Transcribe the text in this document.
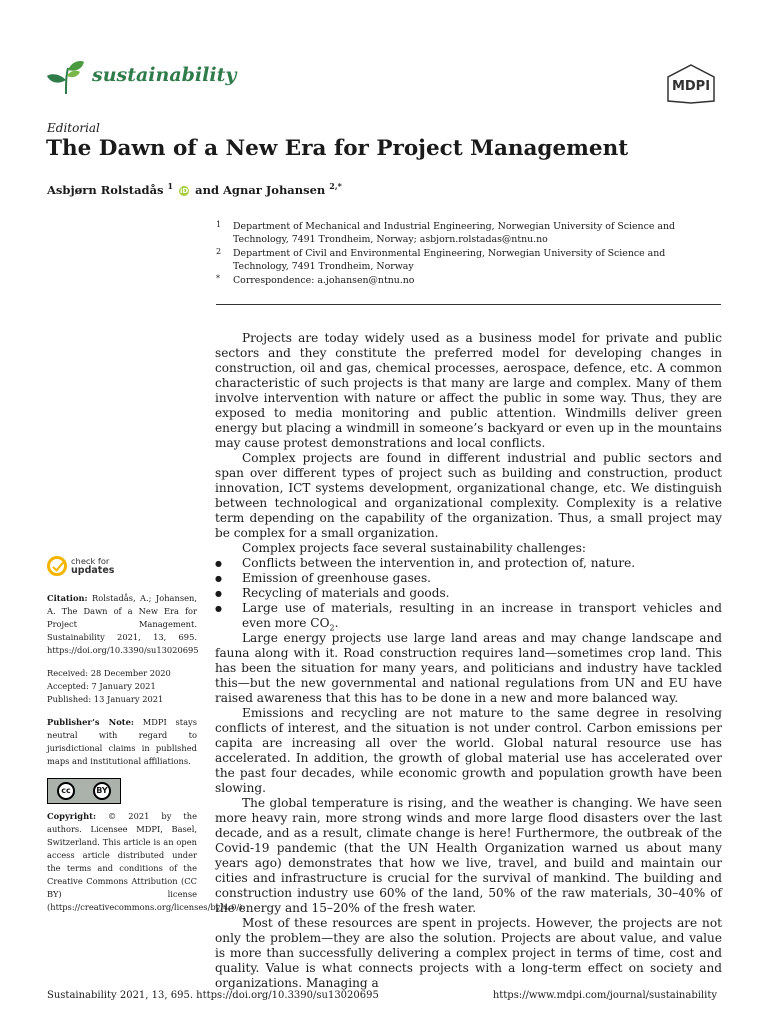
sustainability
MDPI
Editorial
The Dawn of a New Era for Project Management
Asbjørn Rolstadås $^1$ iD and Agnar Johansen $^{2,*}$
1 Department of Mechanical and Industrial Engineering, Norwegian University of Science and Technology, 7491 Trondheim, Norway; asbjorn.rolstadas@ntnu.no
2 Department of Civil and Environmental Engineering, Norwegian University of Science and Technology, 7491 Trondheim, Norway
* Correspondence: a.johansen@ntnu.no
check for
updates
Citation: Rolstadås, A.; Johansen, A. The Dawn of a New Era for Project Management. Sustainability 2021, 13, 695. https://doi.org/10.3390/su13020695
Received: 28 December 2020
Accepted: 7 January 2021
Published: 13 January 2021
Publisher’s Note: MDPI stays neutral with regard to jurisdictional claims in published maps and institutional affiliations.
cc	BY
Copyright: © 2021 by the authors. Licensee MDPI, Basel, Switzerland. This article is an open access article distributed under the terms and conditions of the Creative Commons Attribution (CC BY) license (https://creativecommons.org/licenses/by/4.0/).

Projects are today widely used as a business model for private and public sectors and they constitute the preferred model for developing changes in construction, oil and gas, chemical processes, aerospace, defence, etc. A common characteristic of such projects is that many are large and complex. Many of them involve intervention with nature or affect the public in some way. Thus, they are exposed to media monitoring and public attention. Windmills deliver green energy but placing a windmill in someone’s backyard or even up in the mountains may cause protest demonstrations and local conflicts.

Complex projects are found in different industrial and public sectors and span over different types of project such as building and construction, product innovation, ICT systems development, organizational change, etc. We distinguish between technological and organizational complexity. Complexity is a relative term depending on the capability of the organization. Thus, a small project may be complex for a small organization.

Complex projects face several sustainability challenges:

● Conflicts between the intervention in, and protection of, nature.
● Emission of greenhouse gases.
● Recycling of materials and goods.
● Large use of materials, resulting in an increase in transport vehicles and even more $CO_2$.

Large energy projects use large land areas and may change landscape and fauna along with it. Road construction requires land—sometimes crop land. This has been the situation for many years, and politicians and industry have tackled this—but the new governmental and national regulations from UN and EU have raised awareness that this has to be done in a new and more balanced way.

Emissions and recycling are not mature to the same degree in resolving conflicts of interest, and the situation is not under control. Carbon emissions per capita are increasing all over the world. Global natural resource use has accelerated. In addition, the growth of global material use has accelerated over the past four decades, while economic growth and population growth have been slowing.

The global temperature is rising, and the weather is changing. We have seen more heavy rain, more strong winds and more large flood disasters over the last decade, and as a result, climate change is here! Furthermore, the outbreak of the Covid-19 pandemic (that the UN Health Organization warned us about many years ago) demonstrates that how we live, travel, and build and maintain our cities and infrastructure is crucial for the survival of mankind. The building and construction industry use 60% of the land, 50% of the raw materials, 30–40% of the energy and 15–20% of the fresh water.

Most of these resources are spent in projects. However, the projects are not only the problem—they are also the solution. Projects are about value, and value is more than successfully delivering a complex project in terms of time, cost and quality. Value is what connects projects with a long-term effect on society and organizations. Managing a

Sustainability 2021, 13, 695. https://doi.org/10.3390/su13020695	https://www.mdpi.com/journal/sustainability
